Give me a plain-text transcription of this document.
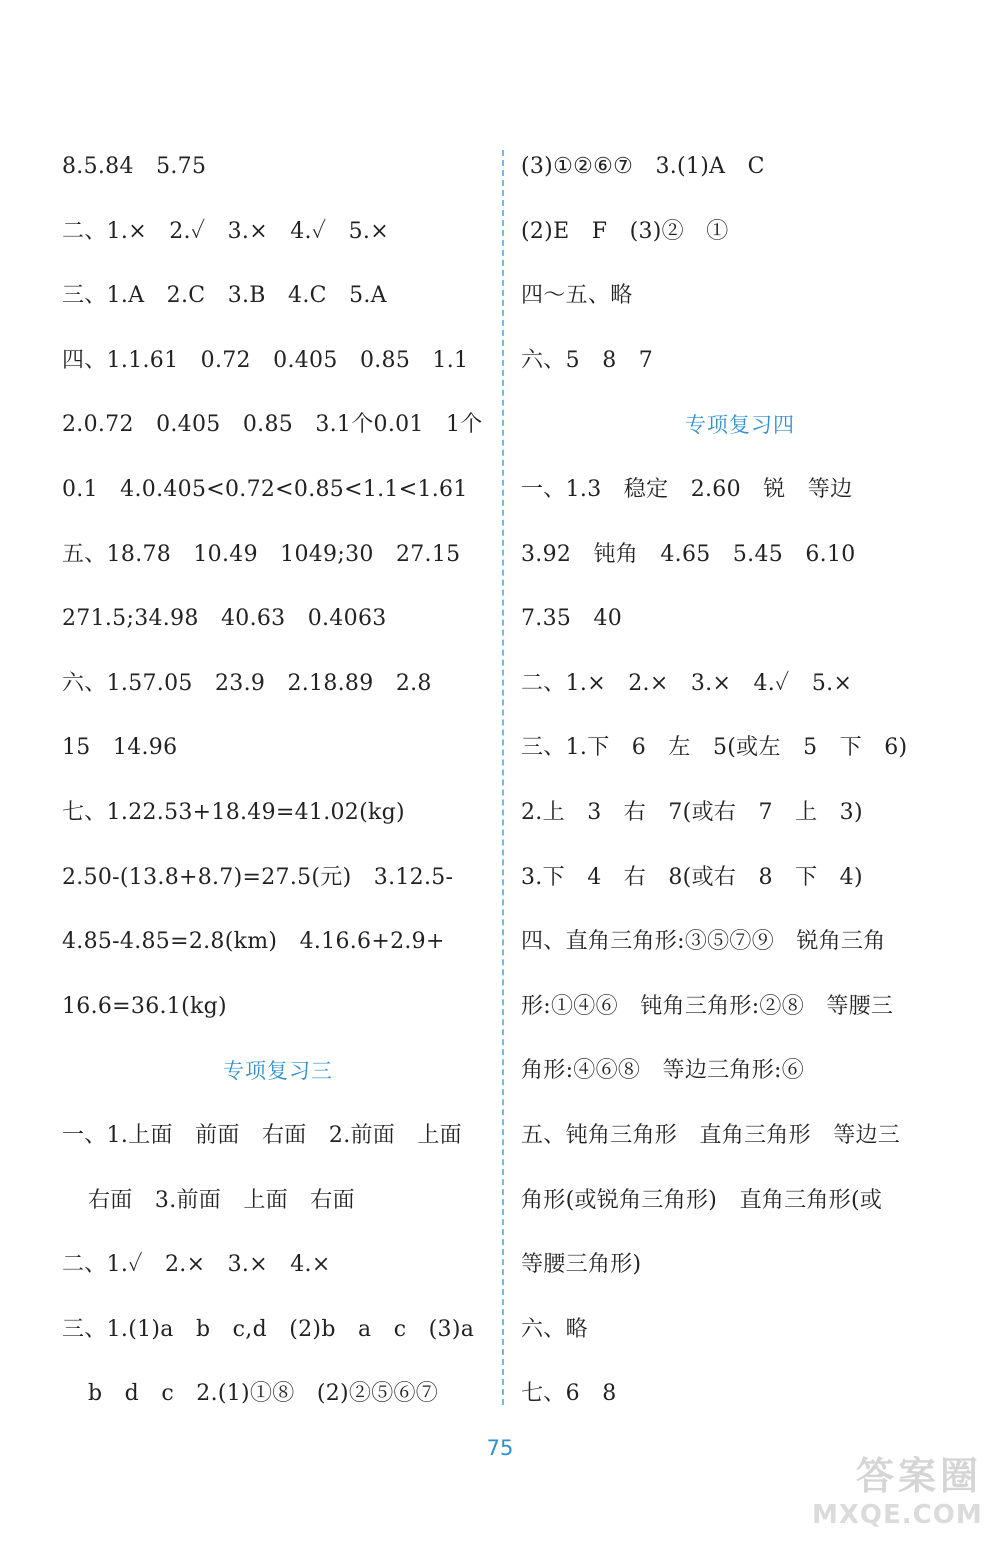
8.5.84　5.75
二、1.×　2.✓　3.×　4.✓　5.×
三、1.A　2.C　3.B　4.C　5.A
四、1.1.61　0.72　0.405　0.85　1.1
2.0.72　0.405　0.85　3.1个0.01　1个
0.1　4.0.405<0.72<0.85<1.1<1.61
五、18.78　10.49　1049;30　27.15
271.5;34.98　40.63　0.4063
六、1.57.05　23.9　2.18.89　2.8
15　14.96
七、1.22.53+18.49=41.02(kg)
2.50-(13.8+8.7)=27.5(元)　3.12.5-
4.85-4.85=2.8(km)　4.16.6+2.9+
16.6=36.1(kg)
专项复习三
一、1.上面　前面　右面　2.前面　上面
右面　3.前面　上面　右面
二、1.✓　2.×　3.×　4.×
三、1.(1)a　b　c,d　(2)b　a　c　(3)a
b　d　c　2.(1)①⑧　(2)②⑤⑥⑦
(3)①②⑥⑦　3.(1)A　C
(2)E　F　(3)②　①
四～五、略
六、5　8　7
专项复习四
一、1.3　稳定　2.60　锐　等边
3.92　钝角　4.65　5.45　6.10
7.35　40
二、1.×　2.×　3.×　4.✓　5.×
三、1.下　6　左　5(或左　5　下　6)
2.上　3　右　7(或右　7　上　3)
3.下　4　右　8(或右　8　下　4)
四、直角三角形:③⑤⑦⑨　锐角三角
形:①④⑥　钝角三角形:②⑧　等腰三
角形:④⑥⑧　等边三角形:⑥
五、钝角三角形　直角三角形　等边三
角形(或锐角三角形)　直角三角形(或
等腰三角形)
六、略
七、6　8
75
答案圈
MXQE.COM
